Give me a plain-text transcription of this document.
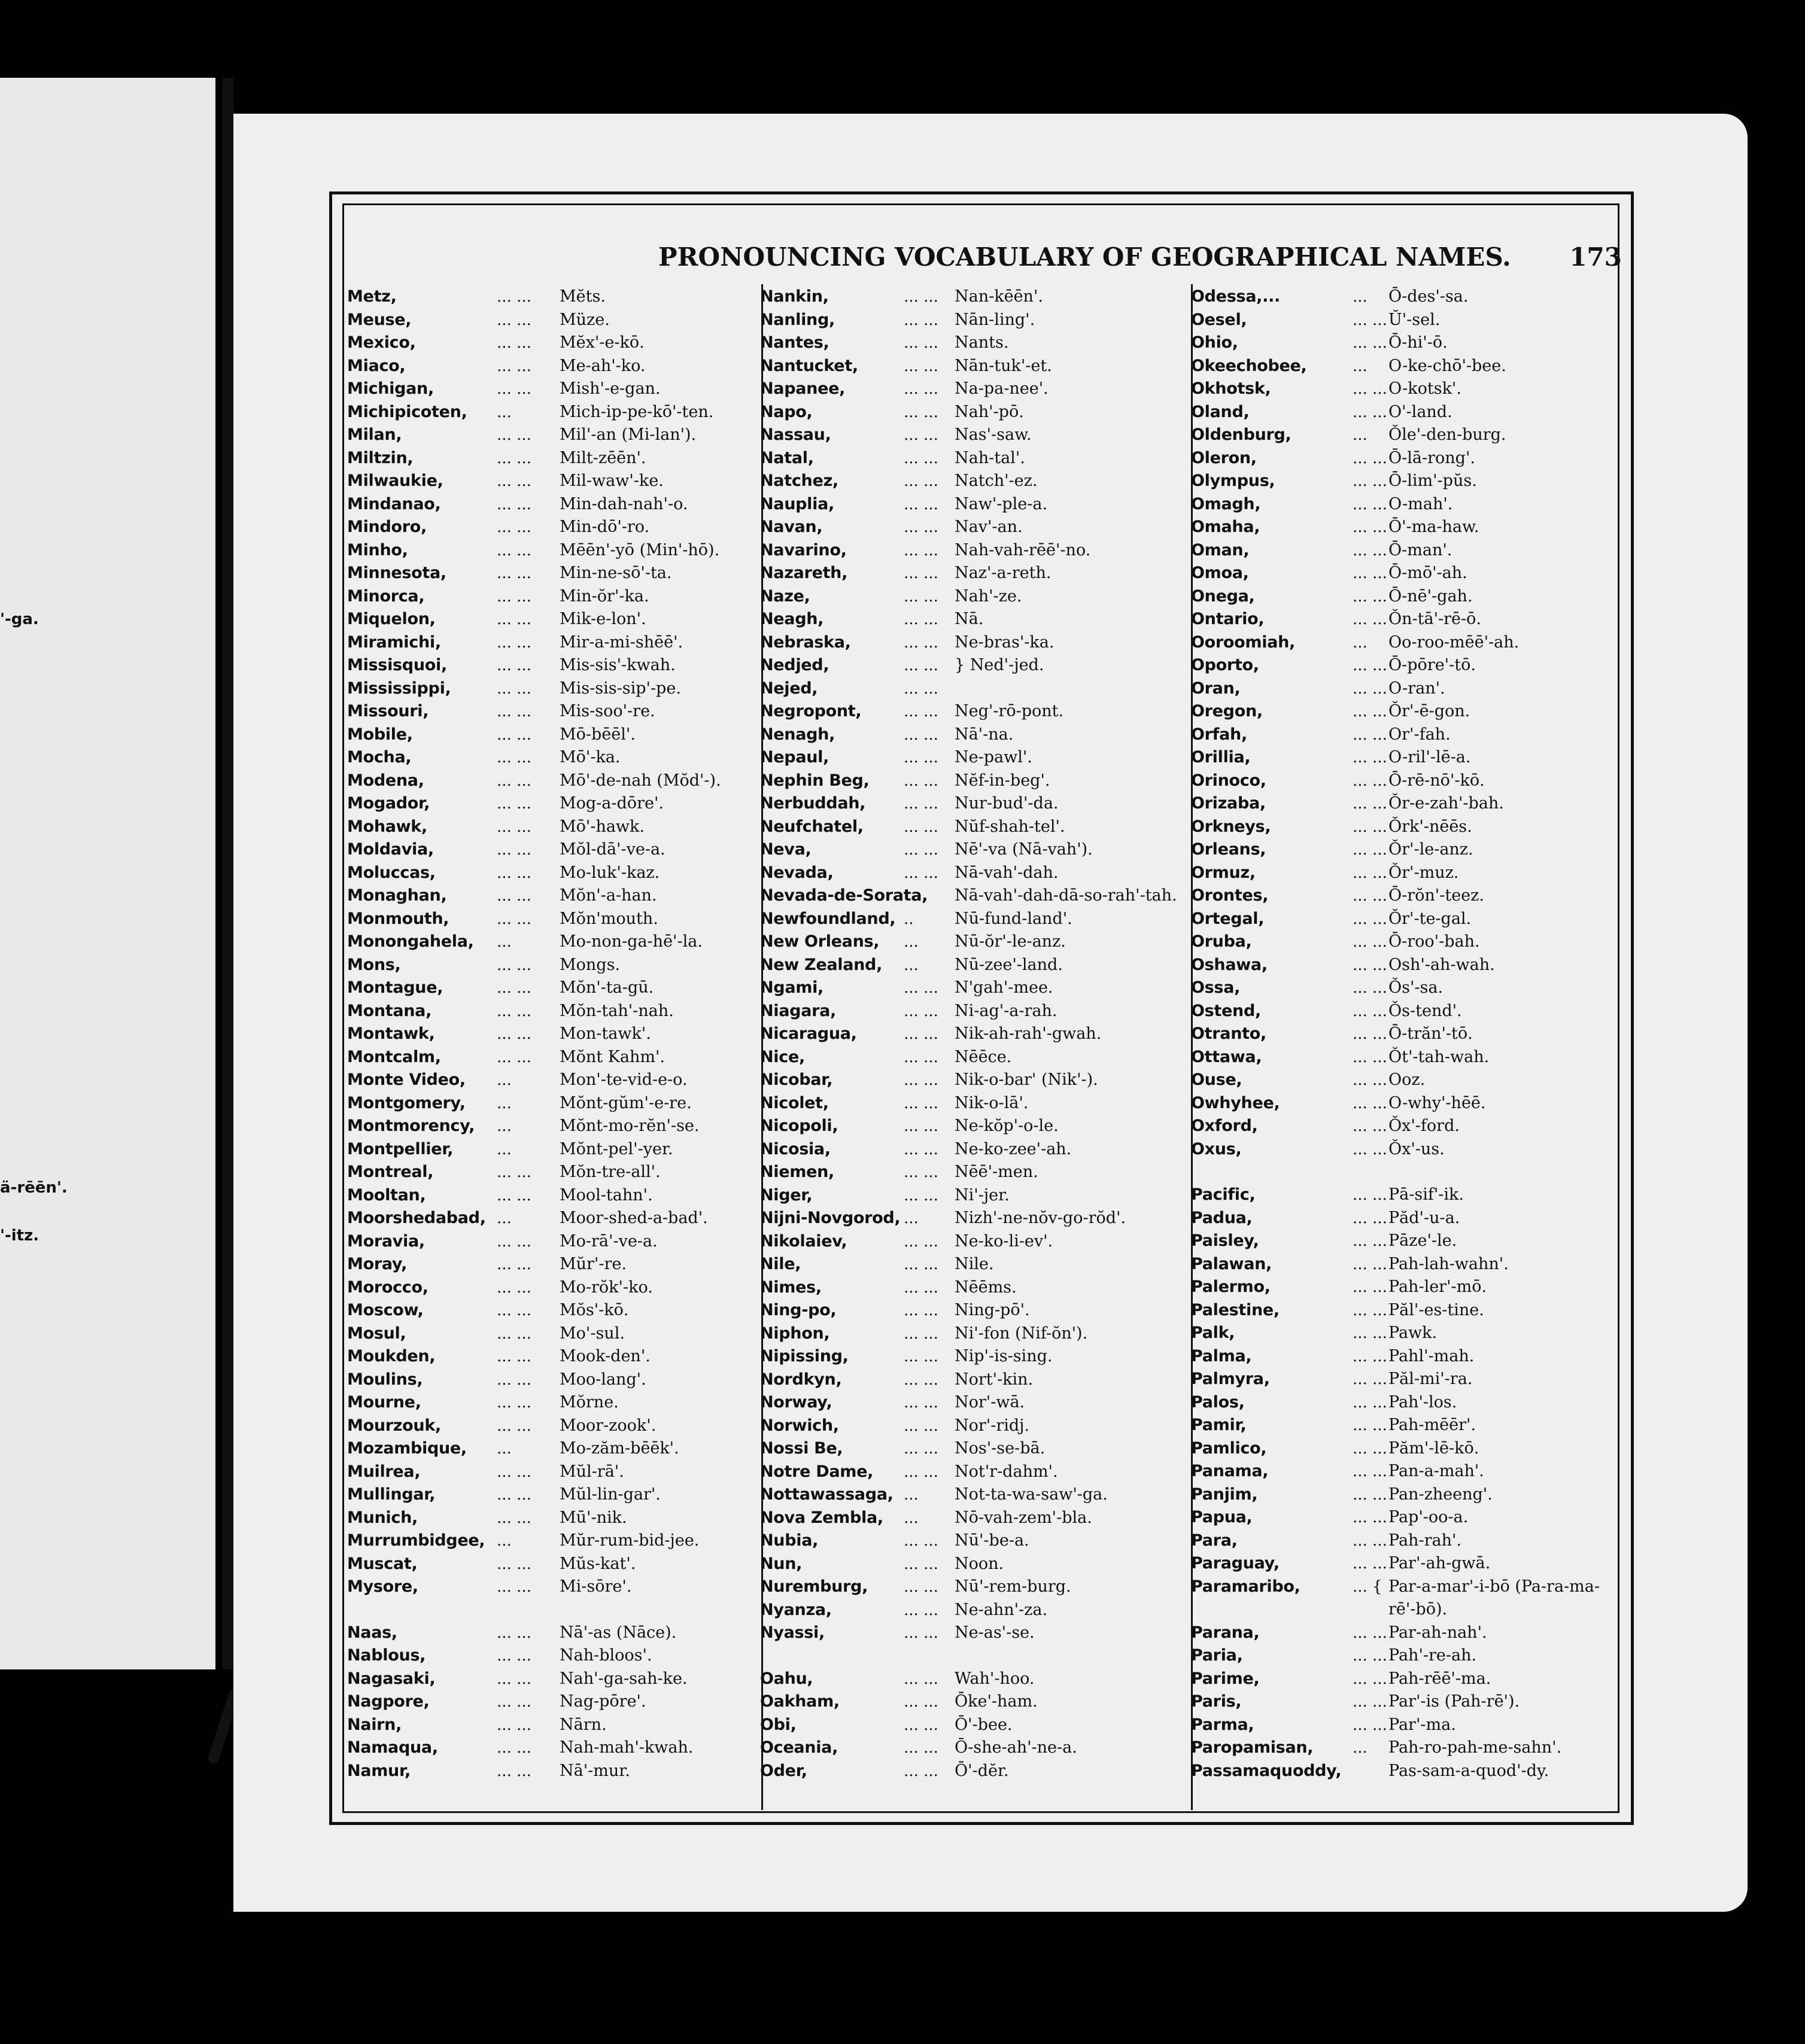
'-ga.
ä-rēēn'.
'-itz.
PRONOUNCING VOCABULARY OF GEOGRAPHICAL NAMES. 173
Metz,	... ...	Mĕts.
Meuse,	... ...	Müze.
Mexico,	... ...	Mĕx'-e-kō.
Miaco,	... ...	Me-ah'-ko.
Michigan,	... ...	Mish'-e-gan.
Michipicoten,	...	Mich-ip-pe-kō'-ten.
Milan,	... ...	Mil'-an (Mi-lan').
Miltzin,	... ...	Milt-zēēn'.
Milwaukie,	... ...	Mil-waw'-ke.
Mindanao,	... ...	Min-dah-nah'-o.
Mindoro,	... ...	Min-dō'-ro.
Minho,	... ...	Mēēn'-yō (Min'-hō).
Minnesota,	... ...	Min-ne-sō'-ta.
Minorca,	... ...	Min-ŏr'-ka.
Miquelon,	... ...	Mik-e-lon'.
Miramichi,	... ...	Mir-a-mi-shēē'.
Missisquoi,	... ...	Mis-sis'-kwah.
Mississippi,	... ...	Mis-sis-sip'-pe.
Missouri,	... ...	Mis-soo'-re.
Mobile,	... ...	Mō-bēēl'.
Mocha,	... ...	Mō'-ka.
Modena,	... ...	Mō'-de-nah (Mŏd'-).
Mogador,	... ...	Mog-a-dōre'.
Mohawk,	... ...	Mō'-hawk.
Moldavia,	... ...	Mŏl-dā'-ve-a.
Moluccas,	... ...	Mo-luk'-kaz.
Monaghan,	... ...	Mŏn'-a-han.
Monmouth,	... ...	Mŏn'mouth.
Monongahela,	...	Mo-non-ga-hē'-la.
Mons,	... ...	Mongs.
Montague,	... ...	Mŏn'-ta-gū.
Montana,	... ...	Mŏn-tah'-nah.
Montawk,	... ...	Mon-tawk'.
Montcalm,	... ...	Mŏnt Kahm'.
Monte Video,	...	Mon'-te-vid-e-o.
Montgomery,	...	Mŏnt-gŭm'-e-re.
Montmorency,	...	Mŏnt-mo-rĕn'-se.
Montpellier,	...	Mŏnt-pel'-yer.
Montreal,	... ...	Mŏn-tre-all'.
Mooltan,	... ...	Mool-tahn'.
Moorshedabad, ...	Moor-shed-a-bad'.
Moravia,	... ...	Mo-rā'-ve-a.
Moray,	... ...	Mŭr'-re.
Morocco,	... ...	Mo-rŏk'-ko.
Moscow,	... ...	Mŏs'-kō.
Mosul,	... ...	Mo'-sul.
Moukden,	... ...	Mook-den'.
Moulins,	... ...	Moo-lang'.
Mourne,	... ...	Mŏrne.
Mourzouk,	... ...	Moor-zook'.
Mozambique,	...	Mo-zăm-bēēk'.
Muilrea,	... ...	Mŭl-rā'.
Mullingar,	... ...	Mŭl-lin-gar'.
Munich,	... ...	Mū'-nik.
Murrumbidgee, ...	Mŭr-rum-bid-jee.
Muscat,	... ...	Mŭs-kat'.
Mysore,	... ...	Mi-sōre'.
Naas,	... ...	Nā'-as (Nāce).
Nablous,	... ...	Nah-bloos'.
Nagasaki,	... ...	Nah'-ga-sah-ke.
Nagpore,	... ...	Nag-pōre'.
Nairn,	... ...	Nārn.
Namaqua,	... ...	Nah-mah'-kwah.
Namur,	... ...	Nā'-mur.
Nankin,	... ...	Nan-kēēn'.
Nanling,	... ...	Nān-ling'.
Nantes,	... ...	Nants.
Nantucket,	... ...	Nān-tuk'-et.
Napanee,	... ...	Na-pa-nee'.
Napo,	... ...	Nah'-pō.
Nassau,	... ...	Nas'-saw.
Natal,	... ...	Nah-tal'.
Natchez,	... ...	Natch'-ez.
Nauplia,	... ...	Naw'-ple-a.
Navan,	... ...	Nav'-an.
Navarino,	... ...	Nah-vah-rēē'-no.
Nazareth,	... ...	Naz'-a-reth.
Naze,	... ...	Nah'-ze.
Neagh,	... ...	Nā.
Nebraska,	... ...	Ne-bras'-ka.
Nedjed,	... ...	} Ned'-jed.
Nejed,	... ...
Negropont,	... ...	Neg'-rō-pont.
Nenagh,	... ...	Nā'-na.
Nepaul,	... ...	Ne-pawl'.
Nephin Beg,	... ...	Nĕf-in-beg'.
Nerbuddah,	... ...	Nur-bud'-da.
Neufchatel,	... ...	Nŭf-shah-tel'.
Neva,	... ...	Nē'-va (Nā-vah').
Nevada,	... ...	Nā-vah'-dah.
Nevada-de-Sorata, Nā-vah'-dah-dā-so-rah'-tah.
Newfoundland, ..	Nū-fund-land'.
New Orleans,	...	Nū-ŏr'-le-anz.
New Zealand,	...	Nū-zee'-land.
Ngami,	... ...	N'gah'-mee.
Niagara,	... ...	Ni-ag'-a-rah.
Nicaragua,	... ...	Nik-ah-rah'-gwah.
Nice,	... ...	Nēēce.
Nicobar,	... ...	Nik-o-bar' (Nik'-).
Nicolet,	... ...	Nik-o-lā'.
Nicopoli,	... ...	Ne-kŏp'-o-le.
Nicosia,	... ...	Ne-ko-zee'-ah.
Niemen,	... ...	Nēē'-men.
Niger,	... ...	Ni'-jer.
Nijni-Novgorod, ...	Nizh'-ne-nŏv-go-rŏd'.
Nikolaiev,	... ...	Ne-ko-li-ev'.
Nile,	... ...	Nile.
Nimes,	... ...	Nēēms.
Ning-po,	... ...	Ning-pō'.
Niphon,	... ...	Ni'-fon (Nif-ŏn').
Nipissing,	... ...	Nip'-is-sing.
Nordkyn,	... ...	Nort'-kin.
Norway,	... ...	Nor'-wā.
Norwich,	... ...	Nor'-ridj.
Nossi Be,	... ...	Nos'-se-bā.
Notre Dame,	... ...	Not'r-dahm'.
Nottawassaga, ...	Not-ta-wa-saw'-ga.
Nova Zembla,	...	Nō-vah-zem'-bla.
Nubia,	... ...	Nū'-be-a.
Nun,	... ...	Noon.
Nuremburg,	... ...	Nū'-rem-burg.
Nyanza,	... ...	Ne-ahn'-za.
Nyassi,	... ...	Ne-as'-se.
Oahu,	... ...	Wah'-hoo.
Oakham,	... ...	Ōke'-ham.
Obi,	... ...	Ō'-bee.
Oceania,	... ...	Ō-she-ah'-ne-a.
Oder,	... ...	Ō'-dĕr.
Odessa,...	...	Ō-des'-sa.
Oesel,	... ... Ŭ'-sel.
Ohio,	... ... Ō-hi'-ō.
Okeechobee,	...	O-ke-chō'-bee.
Okhotsk,	... ... O-kotsk'.
Oland,	... ... O'-land.
Oldenburg,	...	Ŏle'-den-burg.
Oleron,	... ... Ō-lā-rong'.
Olympus,	... ... Ō-lim'-pŭs.
Omagh,	... ... O-mah'.
Omaha,	... ... Ō'-ma-haw.
Oman,	... ... Ō-man'.
Omoa,	... ... Ō-mō'-ah.
Onega,	... ... Ō-nē'-gah.
Ontario,	... ... Ŏn-tā'-rē-ō.
Ooroomiah,	...	Oo-roo-mēē'-ah.
Oporto,	... ... Ō-pōre'-tō.
Oran,	... ... O-ran'.
Oregon,	... ... Ŏr'-ē-gon.
Orfah,	... ... Or'-fah.
Orillia,	... ... O-ril'-lē-a.
Orinoco,	... ... Ō-rē-nō'-kō.
Orizaba,	... ... Ŏr-e-zah'-bah.
Orkneys,	... ... Ŏrk'-nēēs.
Orleans,	... ... Ŏr'-le-anz.
Ormuz,	... ... Ŏr'-muz.
Orontes,	... ... Ō-rŏn'-teez.
Ortegal,	... ... Ŏr'-te-gal.
Oruba,	... ... Ō-roo'-bah.
Oshawa,	... ... Osh'-ah-wah.
Ossa,	... ... Ŏs'-sa.
Ostend,	... ... Ŏs-tend'.
Otranto,	... ... Ō-trăn'-tō.
Ottawa,	... ... Ŏt'-tah-wah.
Ouse,	... ... Ooz.
Owhyhee,	... ... O-why'-hēē.
Oxford,	... ... Ŏx'-ford.
Oxus,	... ... Ŏx'-us.
Pacific,	... ... Pā-sif'-ik.
Padua,	... ... Păd'-u-a.
Paisley,	... ... Pāze'-le.
Palawan,	... ... Pah-lah-wahn'.
Palermo,	... ... Pah-ler'-mō.
Palestine,	... ... Păl'-es-tine.
Palk,	... ... Pawk.
Palma,	... ... Pahl'-mah.
Palmyra,	... ... Păl-mi'-ra.
Palos,	... ... Pah'-los.
Pamir,	... ... Pah-mēēr'.
Pamlico,	... ... Păm'-lē-kō.
Panama,	... ... Pan-a-mah'.
Panjim,	... ... Pan-zheeng'.
Papua,	... ... Pap'-oo-a.
Para,	... ... Pah-rah'.
Paraguay,	... ... Par'-ah-gwā.
Paramaribo,	... { Par-a-mar'-i-bō (Pa-ra-ma-
rē'-bō).
Parana,	... ... Par-ah-nah'.
Paria,	... ... Pah'-re-ah.
Parime,	... ... Pah-rēē'-ma.
Paris,	... ... Par'-is (Pah-rē').
Parma,	... ... Par'-ma.
Paropamisan,	...	Pah-ro-pah-me-sahn'.
Passamaquoddy,	Pas-sam-a-quod'-dy.
